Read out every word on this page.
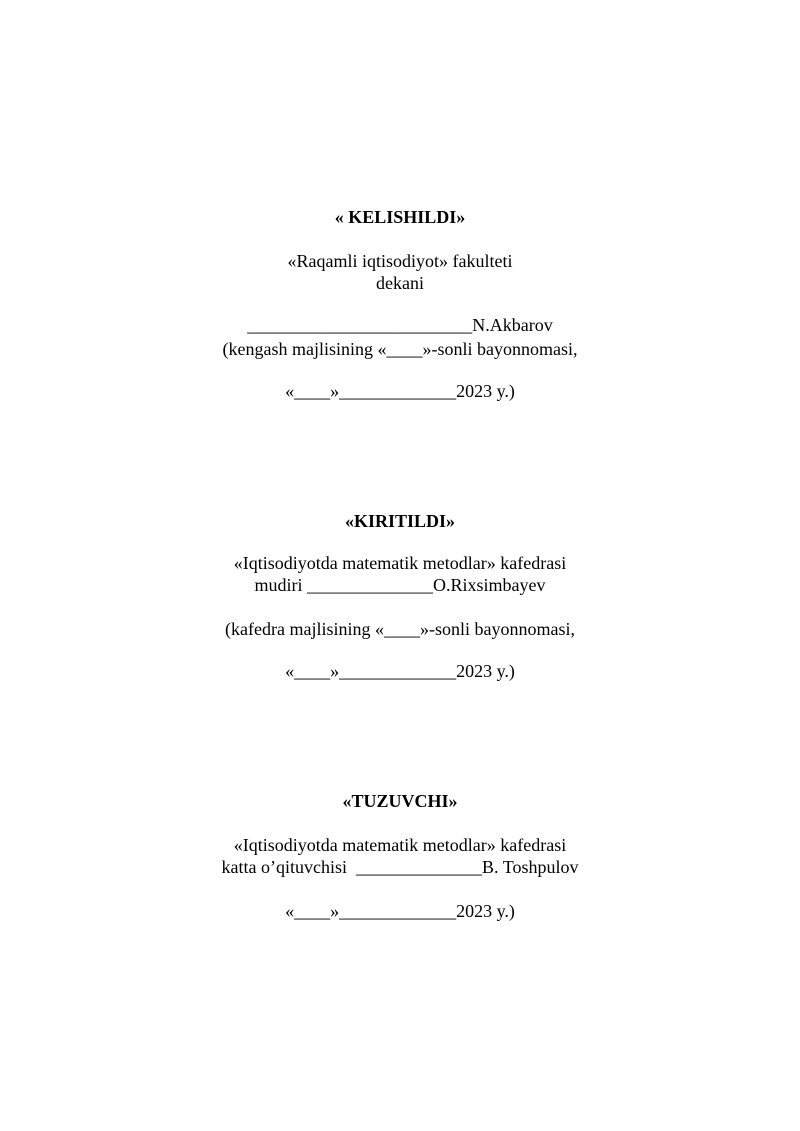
« KELISHILDI»
«Raqamli iqtisodiyot» fakulteti
dekani
_________________________N.Akbarov
(kengash majlisining «____»-sonli bayonnomasi,
«____»_____________2023 y.)
«KIRITILDI»
«Iqtisodiyotda matematik metodlar» kafedrasi
mudiri ______________O.Rixsimbayev
(kafedra majlisining «____»-sonli bayonnomasi,
«____»_____________2023 y.)
«TUZUVCHI»
«Iqtisodiyotda matematik metodlar» kafedrasi
katta o’qituvchisi  ______________B. Toshpulov
«____»_____________2023 y.)
